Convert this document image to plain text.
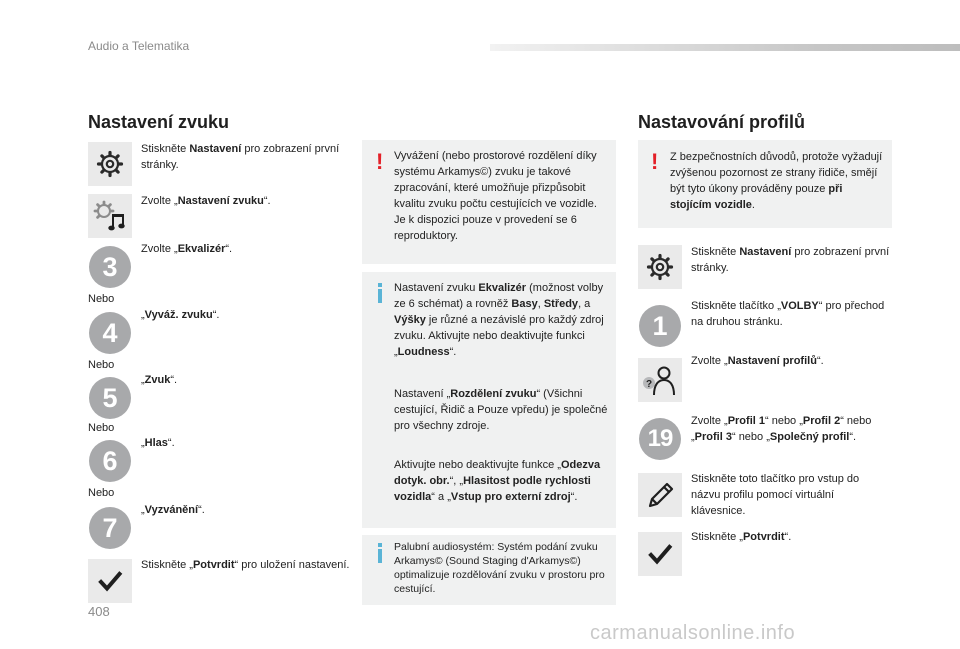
Audio a Telematika
Nastavení zvuku
Stiskněte Nastavení pro zobrazení první stránky.
Zvolte „Nastavení zvuku“.
3
Zvolte „Ekvalizér“.
Nebo
4
„Vyváž. zvuku“.
Nebo
5
„Zvuk“.
Nebo
6
„Hlas“.
Nebo
7
„Vyzvánění“.
Stiskněte „Potvrdit“ pro uložení nastavení.
! Vyvážení (nebo prostorové rozdělení díky systému Arkamys©) zvuku je takové zpracování, které umožňuje přizpůsobit kvalitu zvuku počtu cestujících ve vozidle. Je k dispozici pouze v provedení se 6 reproduktory.
Nastavení zvuku Ekvalizér (možnost volby ze 6 schémat) a rovněž Basy, Středy, a Výšky je různé a nezávislé pro každý zdroj zvuku. Aktivujte nebo deaktivujte funkci „Loudness“.
Nastavení „Rozdělení zvuku“ (Všichni cestující, Řidič a Pouze vpředu) je společné pro všechny zdroje.
Aktivujte nebo deaktivujte funkce „Odezva dotyk. obr.“, „Hlasitost podle rychlosti vozidla“ a „Vstup pro externí zdroj“.
Palubní audiosystém: Systém podání zvuku Arkamys© (Sound Staging d'Arkamys©) optimalizuje rozdělování zvuku v prostoru pro cestující.
Nastavování profilů
! Z bezpečnostních důvodů, protože vyžadují zvýšenou pozornost ze strany řidiče, smějí být tyto úkony prováděny pouze při stojícím vozidle.
Stiskněte Nastavení pro zobrazení první stránky.
1
Stiskněte tlačítko „VOLBY“ pro přechod na druhou stránku.
?
Zvolte „Nastavení profilů“.
19
Zvolte „Profil 1“ nebo „Profil 2“ nebo „Profil 3“ nebo „Společný profil“.
Stiskněte toto tlačítko pro vstup do názvu profilu pomocí virtuální klávesnice.
Stiskněte „Potvrdit“.
408
carmanualsonline.info
